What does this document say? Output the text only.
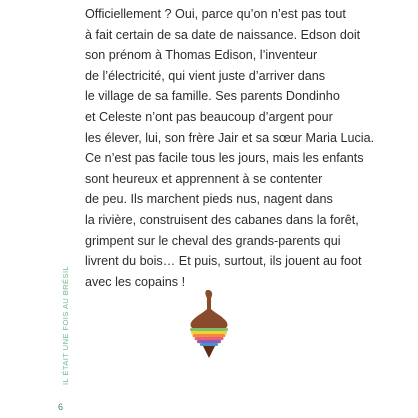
Officiellement ? Oui, parce qu’on n’est pas tout
à fait certain de sa date de naissance. Edson doit
son prénom à Thomas Edison, l’inventeur
de l’électricité, qui vient juste d’arriver dans
le village de sa famille. Ses parents Dondinho
et Celeste n’ont pas beaucoup d’argent pour
les élever, lui, son frère Jair et sa sœur Maria Lucia.
Ce n’est pas facile tous les jours, mais les enfants
sont heureux et apprennent à se contenter
de peu. Ils marchent pieds nus, nagent dans
la rivière, construisent des cabanes dans la forêt,
grimpent sur le cheval des grands-parents qui
livrent du bois… Et puis, surtout, ils jouent au foot
avec les copains !

IL ÉTAIT UNE FOIS AU BRÉSIL
6
